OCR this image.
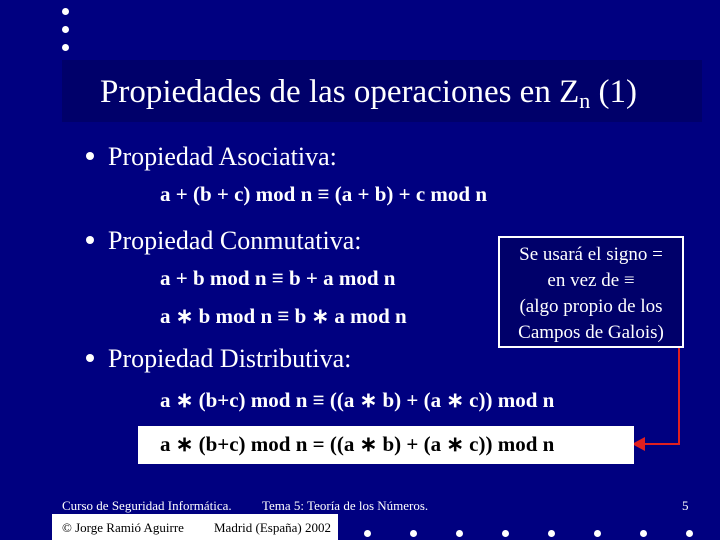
Propiedades de las operaciones en $Z_n$ (1)
Propiedad Asociativa:
a + (b + c) mod n ≡ (a + b) + c mod n
Propiedad Conmutativa:
a + b mod n ≡ b + a mod n
a ∗ b mod n ≡ b ∗ a mod n
Se usará el signo =
en vez de ≡
(algo propio de los
Campos de Galois)
Propiedad Distributiva:
a ∗ (b+c) mod n ≡ ((a ∗ b) + (a ∗ c)) mod n
a ∗ (b+c) mod n = ((a ∗ b) + (a ∗ c)) mod n
Curso de Seguridad Informática. Tema 5: Teoría de los Números.	5
© Jorge Ramió Aguirre Madrid (España) 2002
